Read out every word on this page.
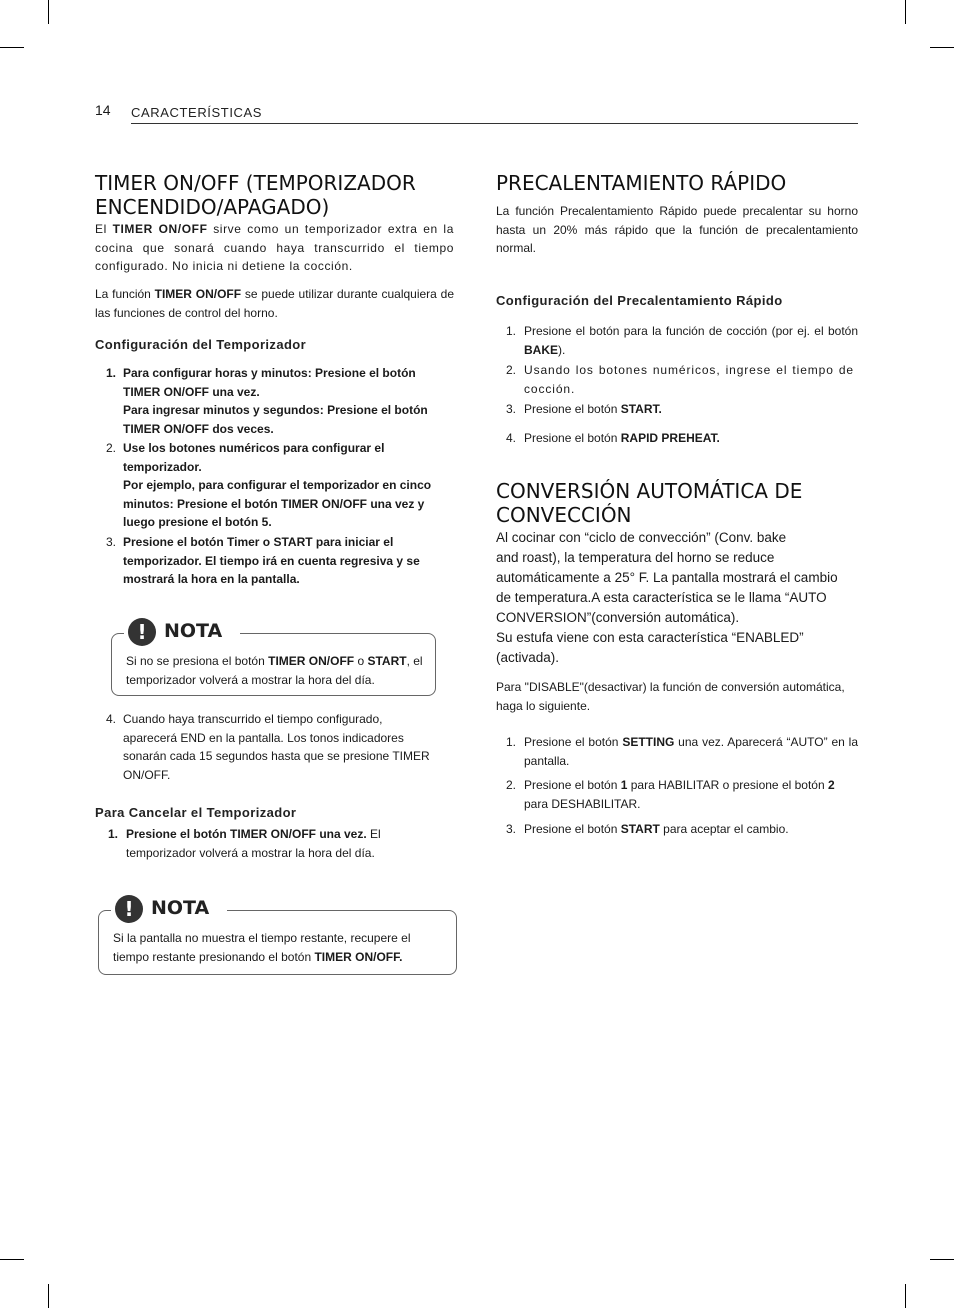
14 CARACTERÍSTICAS
TIMER ON/OFF (TEMPORIZADOR ENCENDIDO/APAGADO)

El TIMER ON/OFF sirve como un temporizador extra en la cocina que sonará cuando haya transcurrido el tiempo configurado. No inicia ni detiene la cocción.

La función TIMER ON/OFF se puede utilizar durante cualquiera de las funciones de control del horno.

Configuración del Temporizador

1. Para configurar horas y minutos: Presione el botón TIMER ON/OFF una vez.
Para ingresar minutos y segundos: Presione el botón TIMER ON/OFF dos veces.
2. Use los botones numéricos para configurar el temporizador.
Por ejemplo, para configurar el temporizador en cinco minutos: Presione el botón TIMER ON/OFF una vez y luego presione el botón 5.
3. Presione el botón Timer o START para iniciar el temporizador. El tiempo irá en cuenta regresiva y se mostrará la hora en la pantalla.
Si no se presiona el botón TIMER ON/OFF o START, el temporizador volverá a mostrar la hora del día.
! NOTA
4. Cuando haya transcurrido el tiempo configurado, aparecerá END en la pantalla. Los tonos indicadores sonarán cada 15 segundos hasta que se presione TIMER ON/OFF.

Para Cancelar el Temporizador

1. Presione el botón TIMER ON/OFF una vez. El temporizador volverá a mostrar la hora del día.
Si la pantalla no muestra el tiempo restante, recupere el tiempo restante presionando el botón TIMER ON/OFF.
! NOTA
PRECALENTAMIENTO RÁPIDO

La función Precalentamiento Rápido puede precalentar su horno hasta un 20% más rápido que la función de precalentamiento normal.

Configuración del Precalentamiento Rápido

1. Presione el botón para la función de cocción (por ej. el botón BAKE).
2. Usando los botones numéricos, ingrese el tiempo de cocción.
3. Presione el botón START.
4. Presione el botón RAPID PREHEAT.
CONVERSIÓN AUTOMÁTICA DE CONVECCIÓN
Al cocinar con “ciclo de convección” (Conv. bake
and roast), la temperatura del horno se reduce
automáticamente a 25° F. La pantalla mostrará el cambio
de temperatura.A esta característica se le llama “AUTO
CONVERSION”(conversión automática).
Su estufa viene con esta característica “ENABLED”
(activada).

Para "DISABLE"(desactivar) la función de conversión automática, haga lo siguiente.

1. Presione el botón SETTING una vez. Aparecerá “AUTO” en la pantalla.
2. Presione el botón 1 para HABILITAR o presione el botón 2 para DESHABILITAR.
3. Presione el botón START para aceptar el cambio.
